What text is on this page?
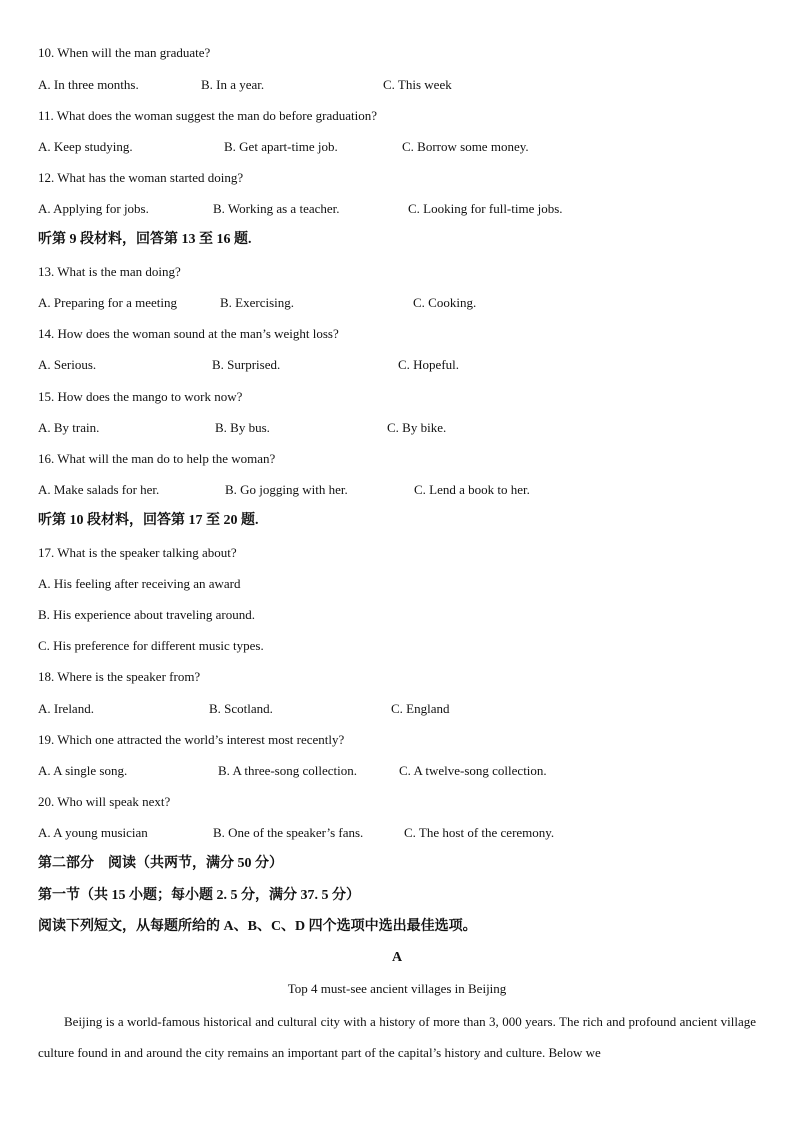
10. When will the man graduate?
A. In three months.	B. In a year.	C. This week
11. What does the woman suggest the man do before graduation?
A. Keep studying.	B. Get apart-time job.	C. Borrow some money.
12. What has the woman started doing?
A. Applying for jobs.	B. Working as a teacher.	C. Looking for full-time jobs.
听第 9 段材料，回答第 13 至 16 题.
13. What is the man doing?
A. Preparing for a meeting	B. Exercising.	C. Cooking.
14. How does the woman sound at the man’s weight loss?
A. Serious.	B. Surprised.	C. Hopeful.
15. How does the mango to work now?
A. By train.	B. By bus.	C. By bike.
16. What will the man do to help the woman?
A. Make salads for her.	B. Go jogging with her.	C. Lend a book to her.
听第 10 段材料，回答第 17 至 20 题.
17. What is the speaker talking about?
A. His feeling after receiving an award
B. His experience about traveling around.
C. His preference for different music types.
18. Where is the speaker from?
A. Ireland.	B. Scotland.	C. England
19. Which one attracted the world’s interest most recently?
A. A single song.	B. A three-song collection.	C. A twelve-song collection.
20. Who will speak next?
A. A young musician	B. One of the speaker’s fans.	C. The host of the ceremony.
第二部分　阅读（共两节，满分 50 分）
第一节（共 15 小题；每小题 2. 5 分，满分 37. 5 分）
阅读下列短文，从每题所给的 A、B、C、D 四个选项中选出最佳选项。
A
Top 4 must-see ancient villages in Beijing

Beijing is a world-famous historical and cultural city with a history of more than 3, 000 years. The rich and profound ancient village culture found in and around the city remains an important part of the capital’s history and culture. Below we
